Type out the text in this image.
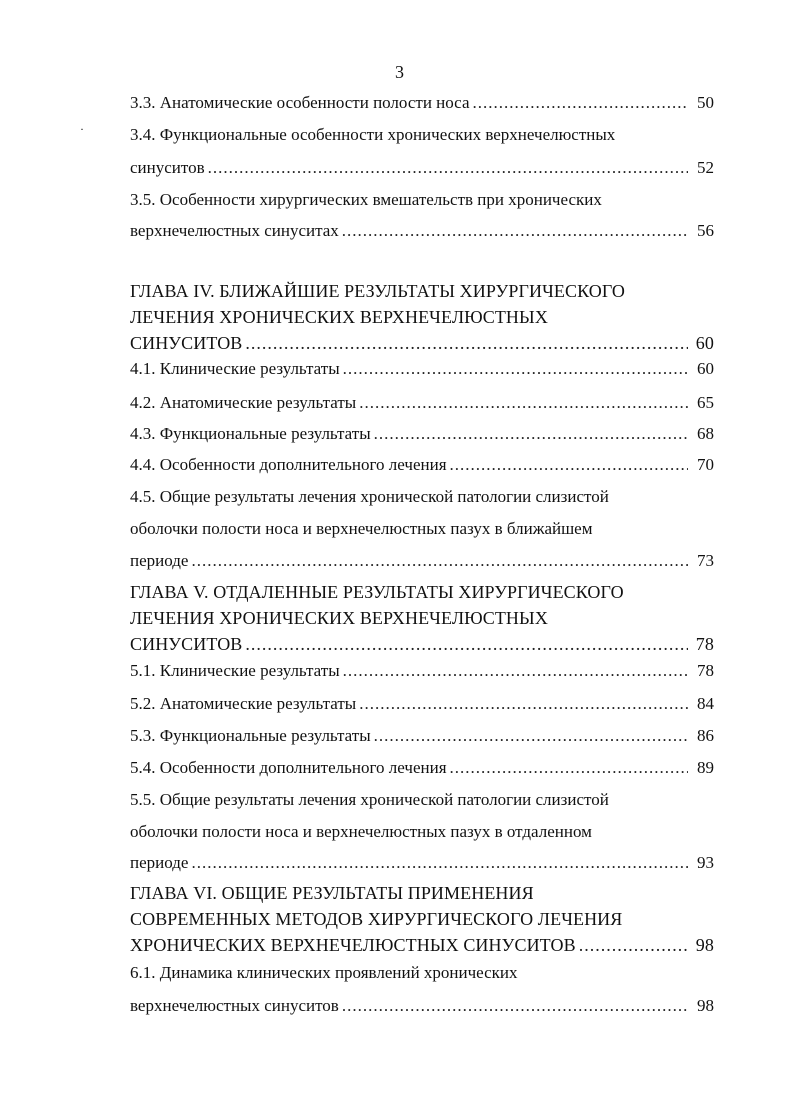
3
·
3.3. Анатомические особенности полости носа .....	50
3.4. Функциональные особенности хронических верхнечелюстных
синуситов .....	52
3.5. Особенности хирургических вмешательств при хронических
верхнечелюстных синуситах .....	56
ГЛАВА IV. БЛИЖАЙШИЕ РЕЗУЛЬТАТЫ ХИРУРГИЧЕСКОГО
ЛЕЧЕНИЯ ХРОНИЧЕСКИХ ВЕРХНЕЧЕЛЮСТНЫХ
СИНУСИТОВ .....	60
4.1. Клинические результаты .....	60
4.2. Анатомические результаты .....	65
4.3. Функциональные результаты .....	68
4.4. Особенности дополнительного лечения .....	70
4.5. Общие результаты лечения хронической патологии слизистой
оболочки полости носа и верхнечелюстных пазух в ближайшем
периоде .....	73
ГЛАВА V. ОТДАЛЕННЫЕ РЕЗУЛЬТАТЫ ХИРУРГИЧЕСКОГО
ЛЕЧЕНИЯ ХРОНИЧЕСКИХ ВЕРХНЕЧЕЛЮСТНЫХ
СИНУСИТОВ .....	78
5.1. Клинические результаты .....	78
5.2. Анатомические результаты .....	84
5.3. Функциональные результаты .....	86
5.4. Особенности дополнительного лечения .....	89
5.5. Общие результаты лечения хронической патологии слизистой
оболочки полости носа и верхнечелюстных пазух в отдаленном
периоде .....	93
ГЛАВА VI. ОБЩИЕ РЕЗУЛЬТАТЫ ПРИМЕНЕНИЯ
СОВРЕМЕННЫХ МЕТОДОВ ХИРУРГИЧЕСКОГО ЛЕЧЕНИЯ
ХРОНИЧЕСКИХ ВЕРХНЕЧЕЛЮСТНЫХ СИНУСИТОВ .....	98
6.1. Динамика клинических проявлений хронических
верхнечелюстных синуситов .....	98
